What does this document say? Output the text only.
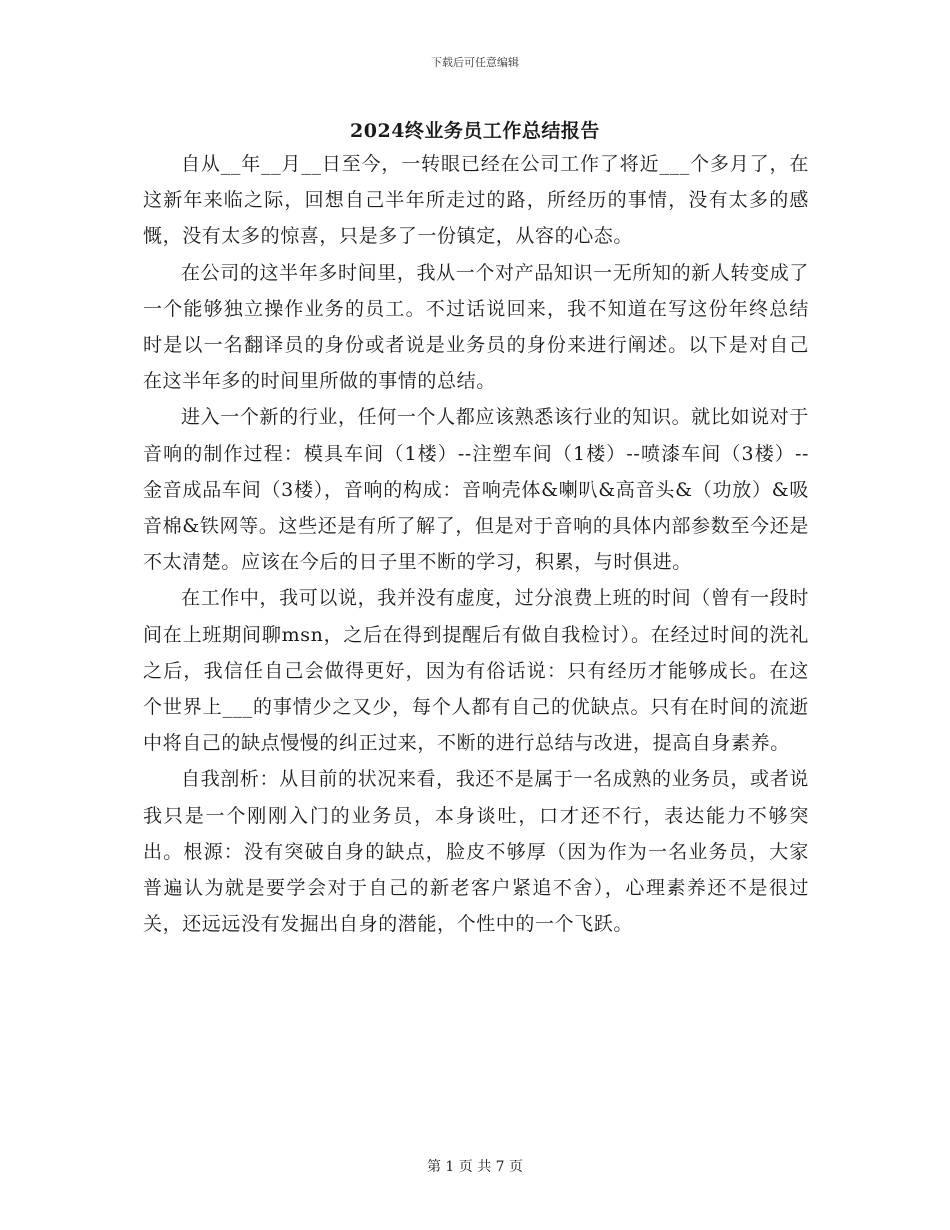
下载后可任意编辑
2024终业务员工作总结报告

自从__年__月__日至今，一转眼已经在公司工作了将近___个多月了，在这新年来临之际，回想自己半年所走过的路，所经历的事情，没有太多的感慨，没有太多的惊喜，只是多了一份镇定，从容的心态。

在公司的这半年多时间里，我从一个对产品知识一无所知的新人转变成了一个能够独立操作业务的员工。不过话说回来，我不知道在写这份年终总结时是以一名翻译员的身份或者说是业务员的身份来进行阐述。以下是对自己在这半年多的时间里所做的事情的总结。

进入一个新的行业，任何一个人都应该熟悉该行业的知识。就比如说对于音响的制作过程：模具车间（1楼）--注塑车间（1楼）--喷漆车间（3楼）--金音成品车间（3楼），音响的构成：音响壳体&喇叭&高音头&（功放）&吸音棉&铁网等。这些还是有所了解了，但是对于音响的具体内部参数至今还是不太清楚。应该在今后的日子里不断的学习，积累，与时俱进。

在工作中，我可以说，我并没有虚度，过分浪费上班的时间（曾有一段时间在上班期间聊msn，之后在得到提醒后有做自我检讨）。在经过时间的洗礼之后，我信任自己会做得更好，因为有俗话说：只有经历才能够成长。在这个世界上___的事情少之又少，每个人都有自己的优缺点。只有在时间的流逝中将自己的缺点慢慢的纠正过来，不断的进行总结与改进，提高自身素养。

自我剖析：从目前的状况来看，我还不是属于一名成熟的业务员，或者说我只是一个刚刚入门的业务员，本身谈吐，口才还不行，表达能力不够突出。根源：没有突破自身的缺点，脸皮不够厚（因为作为一名业务员，大家普遍认为就是要学会对于自己的新老客户紧追不舍），心理素养还不是很过关，还远远没有发掘出自身的潜能，个性中的一个飞跃。

第 1 页 共 7 页
